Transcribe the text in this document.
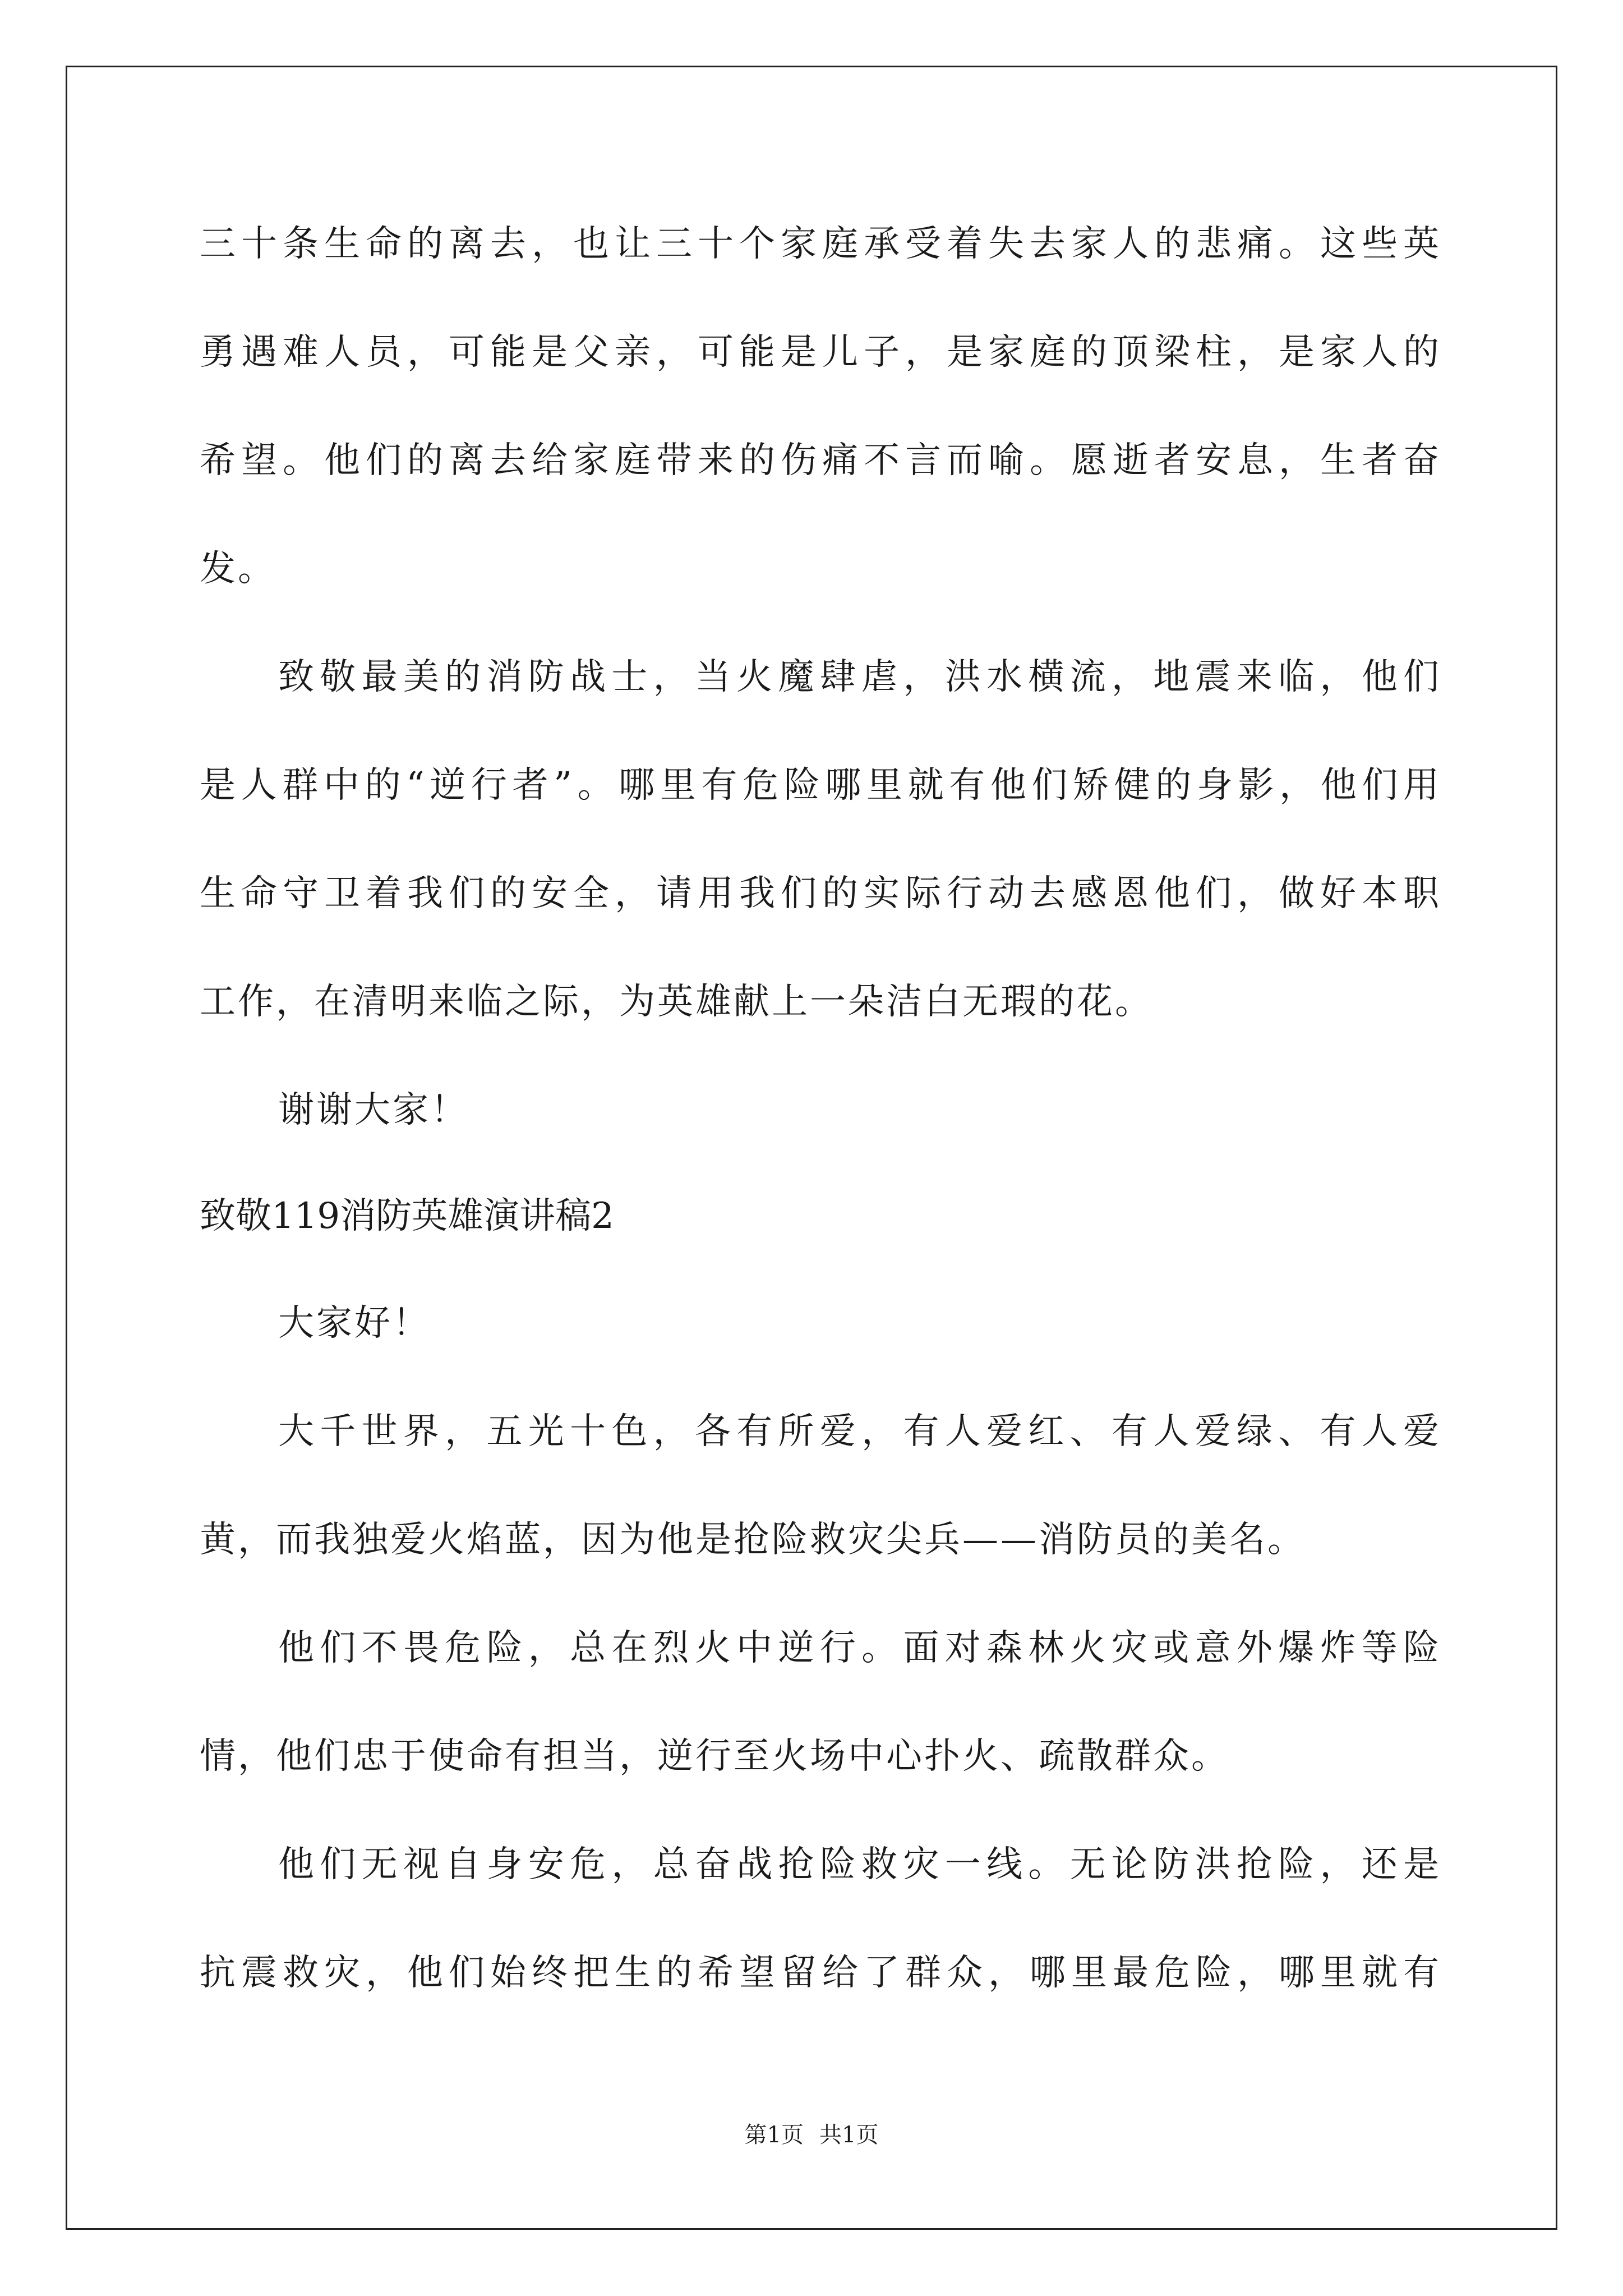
三十条生命的离去，也让三十个家庭承受着失去家人的悲痛。这些英
勇遇难人员，可能是父亲，可能是儿子，是家庭的顶梁柱，是家人的
希望。他们的离去给家庭带来的伤痛不言而喻。愿逝者安息，生者奋
发。
致敬最美的消防战士，当火魔肆虐，洪水横流，地震来临，他们
是人群中的“逆行者”。哪里有危险哪里就有他们矫健的身影，他们用
生命守卫着我们的安全，请用我们的实际行动去感恩他们，做好本职
工作，在清明来临之际，为英雄献上一朵洁白无瑕的花。
谢谢大家！
致敬119消防英雄演讲稿2
大家好！
大千世界，五光十色，各有所爱，有人爱红、有人爱绿、有人爱
黄，而我独爱火焰蓝，因为他是抢险救灾尖兵——消防员的美名。
他们不畏危险，总在烈火中逆行。面对森林火灾或意外爆炸等险
情，他们忠于使命有担当，逆行至火场中心扑火、疏散群众。
他们无视自身安危，总奋战抢险救灾一线。无论防洪抢险，还是
抗震救灾，他们始终把生的希望留给了群众，哪里最危险，哪里就有
第1页 共1页
